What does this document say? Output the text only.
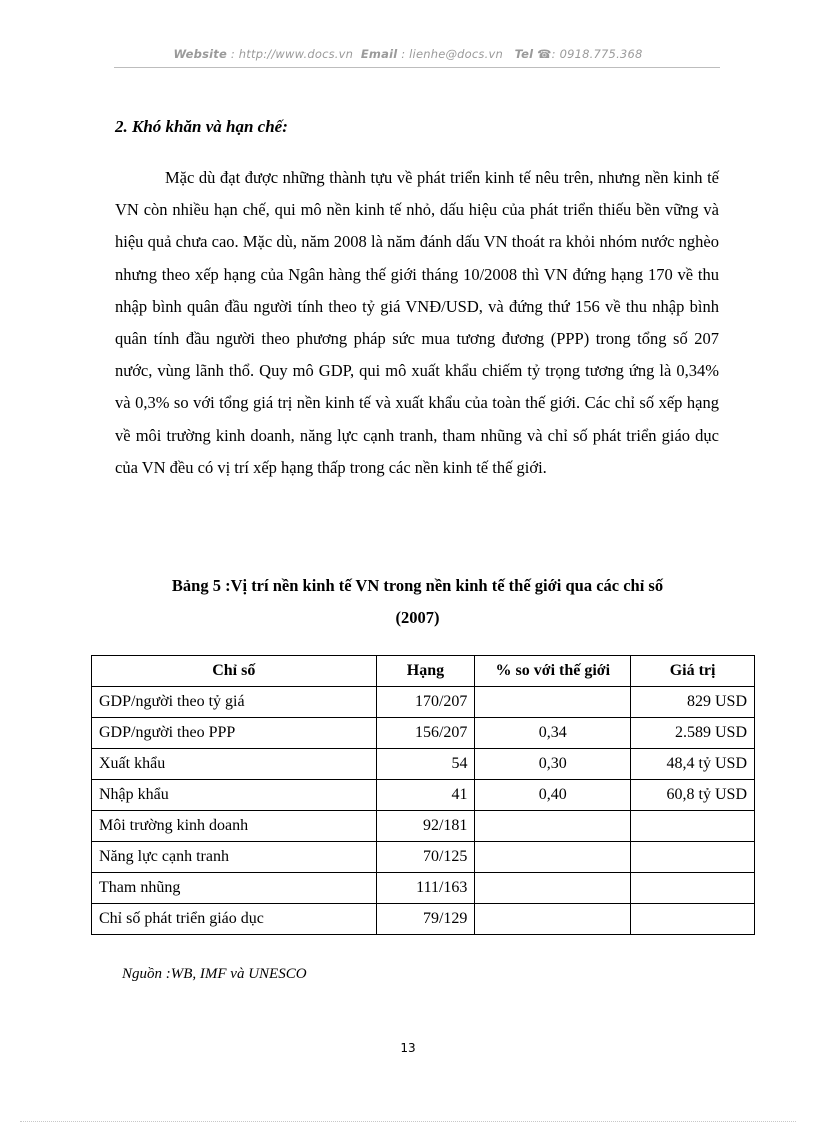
Website : http://www.docs.vn Email : lienhe@docs.vn Tel ☎: 0918.775.368
2. Khó khăn và hạn chế:

Mặc dù đạt được những thành tựu về phát triển kinh tế nêu trên, nhưng nền kinh tế VN còn nhiều hạn chế, qui mô nền kinh tế nhỏ, dấu hiệu của phát triển thiếu bền vững và hiệu quả chưa cao. Mặc dù, năm 2008 là năm đánh dấu VN thoát ra khỏi nhóm nước nghèo nhưng theo xếp hạng của Ngân hàng thế giới tháng 10/2008 thì VN đứng hạng 170 về thu nhập bình quân đầu người tính theo tỷ giá VNĐ/USD, và đứng thứ 156 về thu nhập bình quân tính đầu người theo phương pháp sức mua tương đương (PPP) trong tổng số 207 nước, vùng lãnh thổ. Quy mô GDP, qui mô xuất khẩu chiếm tỷ trọng tương ứng là 0,34% và 0,3% so với tổng giá trị nền kinh tế và xuất khẩu của toàn thế giới. Các chỉ số xếp hạng về môi trường kinh doanh, năng lực cạnh tranh, tham nhũng và chỉ số phát triển giáo dục của VN đều có vị trí xếp hạng thấp trong các nền kinh tế thế giới.

Bảng 5 :Vị trí nền kinh tế VN trong nền kinh tế thế giới qua các chỉ số
(2007)
Chỉ số	Hạng	% so với thế giới	Giá trị
GDP/người theo tỷ giá	170/207		829 USD
GDP/người theo PPP	156/207	0,34	2.589 USD
Xuất khẩu	54	0,30	48,4 tỷ USD
Nhập khẩu	41	0,40	60,8 tỷ USD
Môi trường kinh doanh	92/181		
Năng lực cạnh tranh	70/125		
Tham nhũng	111/163		
Chỉ số phát triển giáo dục	79/129		
Nguồn :WB, IMF và UNESCO
13
